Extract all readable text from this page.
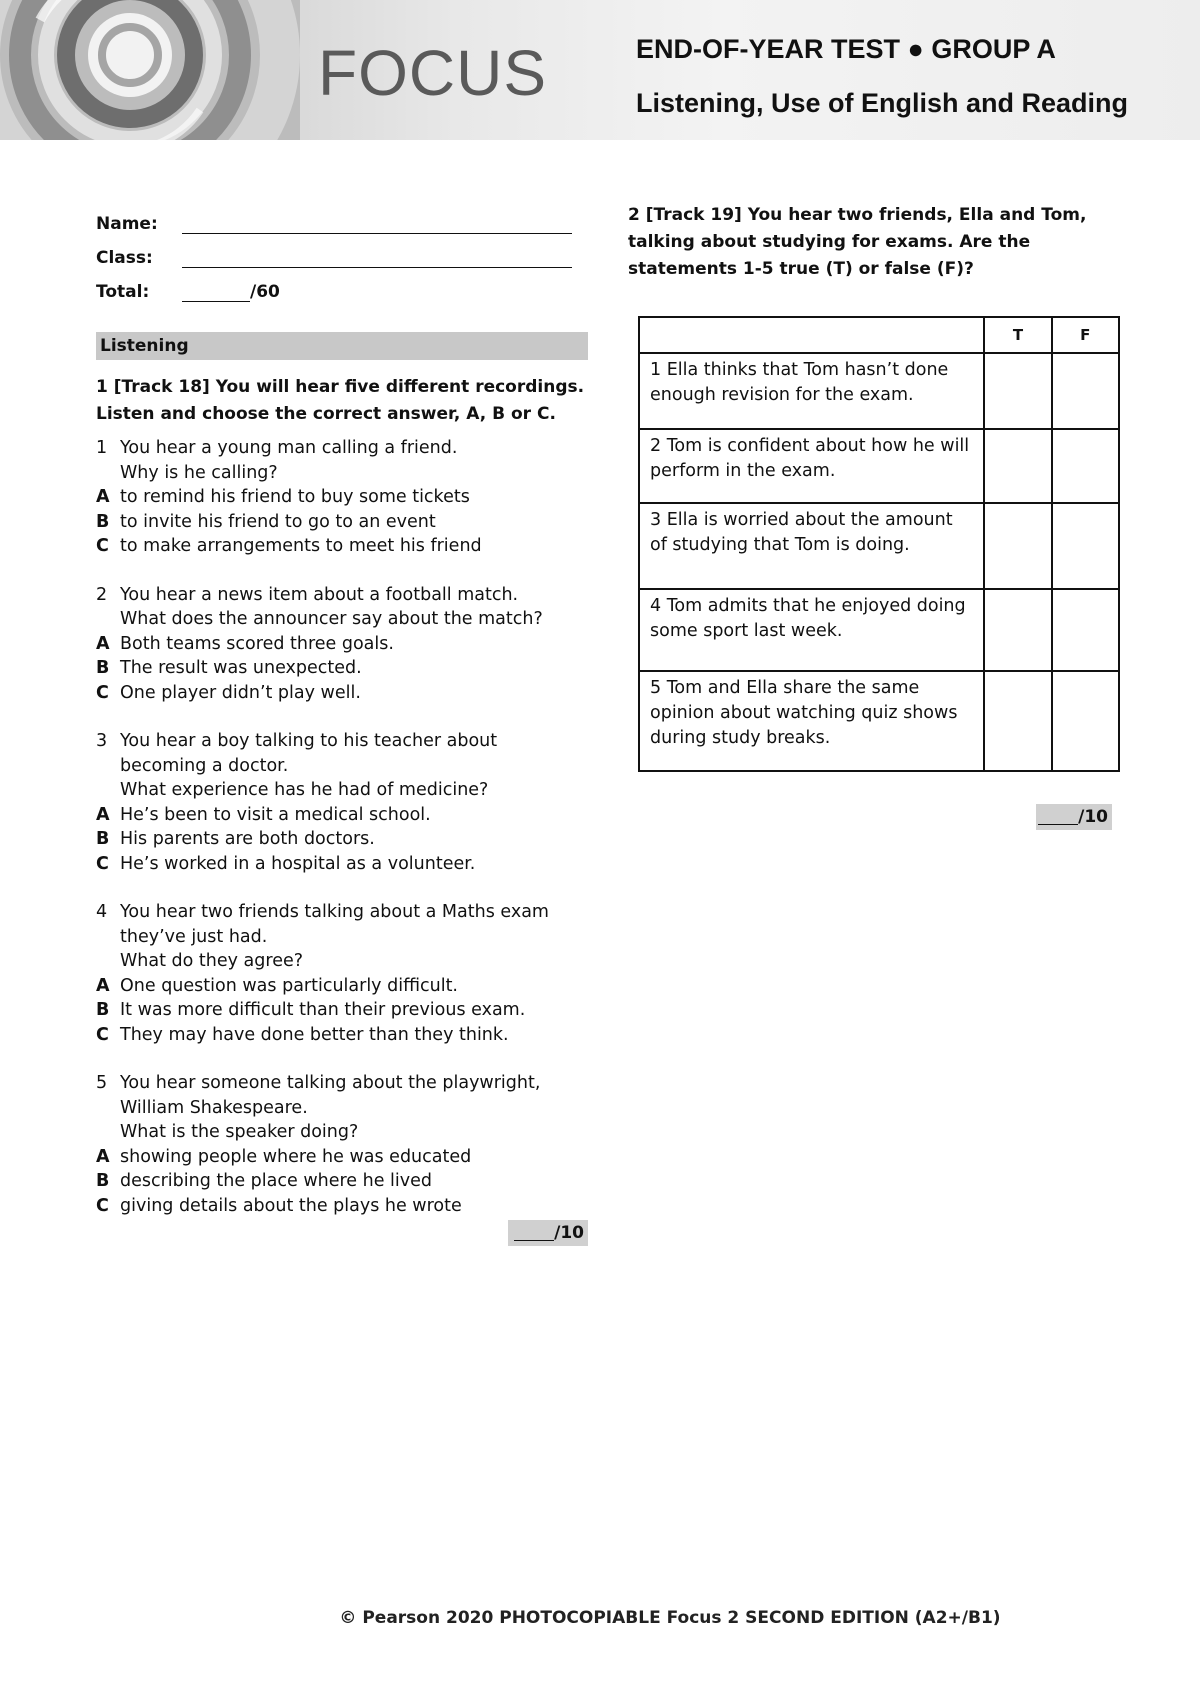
FOCUS	END-OF-YEAR TEST ● GROUP A
Listening, Use of English and Reading
Name:
Class:
Total:	/60
Listening
1 [Track 18] You will hear five different recordings. Listen and choose the correct answer, A, B or C.
1 You hear a young man calling a friend.
Why is he calling?
A to remind his friend to buy some tickets
B to invite his friend to go to an event
C to make arrangements to meet his friend
2 You hear a news item about a football match.
What does the announcer say about the match?
A Both teams scored three goals.
B The result was unexpected.
C One player didn’t play well.
3 You hear a boy talking to his teacher about becoming a doctor.
What experience has he had of medicine?
A He’s been to visit a medical school.
B His parents are both doctors.
C He’s worked in a hospital as a volunteer.
4 You hear two friends talking about a Maths exam they’ve just had.
What do they agree?
A One question was particularly difficult.
B It was more difficult than their previous exam.
C They may have done better than they think.
5 You hear someone talking about the playwright, William Shakespeare.
What is the speaker doing?
A showing people where he was educated
B describing the place where he lived
C giving details about the plays he wrote
/10
2 [Track 19] You hear two friends, Ella and Tom, talking about studying for exams. Are the statements 1-5 true (T) or false (F)?
	T	F
1 Ella thinks that Tom hasn’t done enough revision for the exam.		
2 Tom is confident about how he will perform in the exam.		
3 Ella is worried about the amount of studying that Tom is doing.		
4 Tom admits that he enjoyed doing some sport last week.		
5 Tom and Ella share the same opinion about watching quiz shows during study breaks.		
/10
© Pearson 2020 PHOTOCOPIABLE Focus 2 SECOND EDITION (A2+/B1)
